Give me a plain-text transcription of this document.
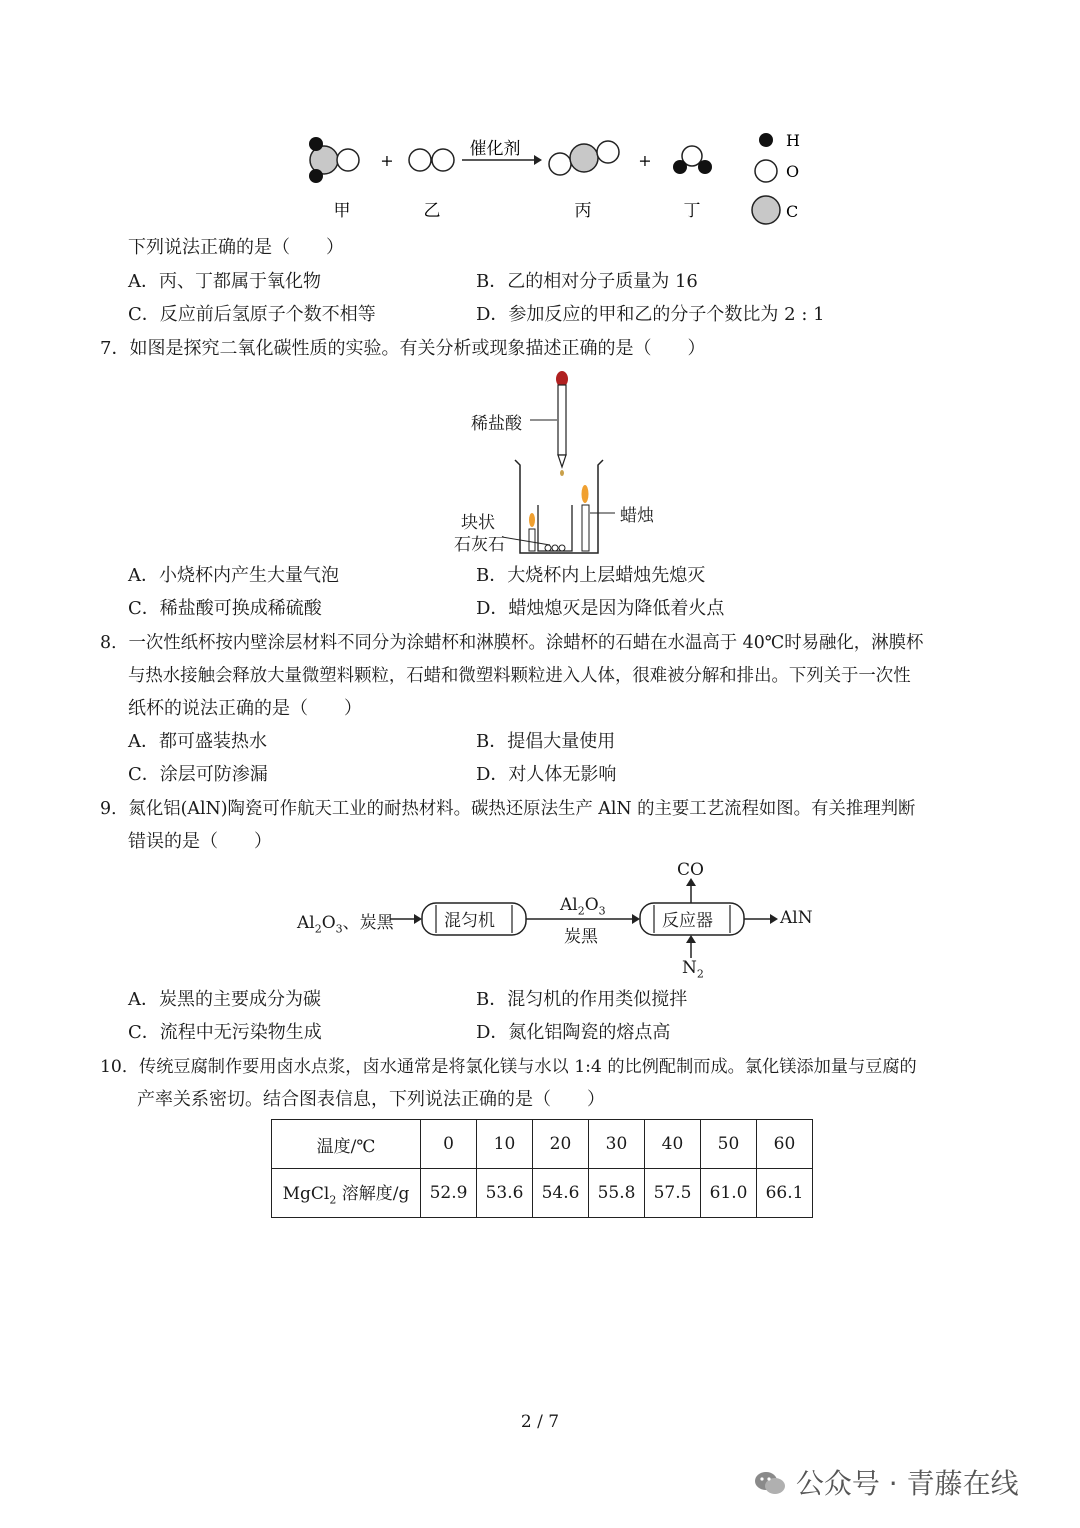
+
催化剂
+
甲	乙	丙	丁
H
O
C
下列说法正确的是（　　）
A．丙、丁都属于氧化物	B．乙的相对分子质量为 16
C．反应前后氢原子个数不相等	D．参加反应的甲和乙的分子个数比为 2 : 1
7．如图是探究二氧化碳性质的实验。有关分析或现象描述正确的是（　　）
稀盐酸
蜡烛
块状
石灰石
A．小烧杯内产生大量气泡	B．大烧杯内上层蜡烛先熄灭
C．稀盐酸可换成稀硫酸	D．蜡烛熄灭是因为降低着火点
8．一次性纸杯按内壁涂层材料不同分为涂蜡杯和淋膜杯。涂蜡杯的石蜡在水温高于 40℃时易融化，淋膜杯
与热水接触会释放大量微塑料颗粒，石蜡和微塑料颗粒进入人体，很难被分解和排出。下列关于一次性
纸杯的说法正确的是（　　）
A．都可盛装热水	B．提倡大量使用
C．涂层可防渗漏	D．对人体无影响
9．氮化铝(AlN)陶瓷可作航天工业的耐热材料。碳热还原法生产 AlN 的主要工艺流程如图。有关推理判断
错误的是（　　）
$Al_2O_3$、炭黑	混匀机
$Al_2O_3$
炭黑
反应器	AlN
CO
$N_2$
A．炭黑的主要成分为碳	B．混匀机的作用类似搅拌
C．流程中无污染物生成	D．氮化铝陶瓷的熔点高
10．传统豆腐制作要用卤水点浆，卤水通常是将氯化镁与水以 1:4 的比例配制而成。氯化镁添加量与豆腐的
产率关系密切。结合图表信息，下列说法正确的是（　　）
温度/℃	0	10	20	30	40	50	60
MgCl$_2$ 溶解度/g	52.9	53.6	54.6	55.8	57.5	61.0	66.1
2 / 7
公众号 · 青藤在线
